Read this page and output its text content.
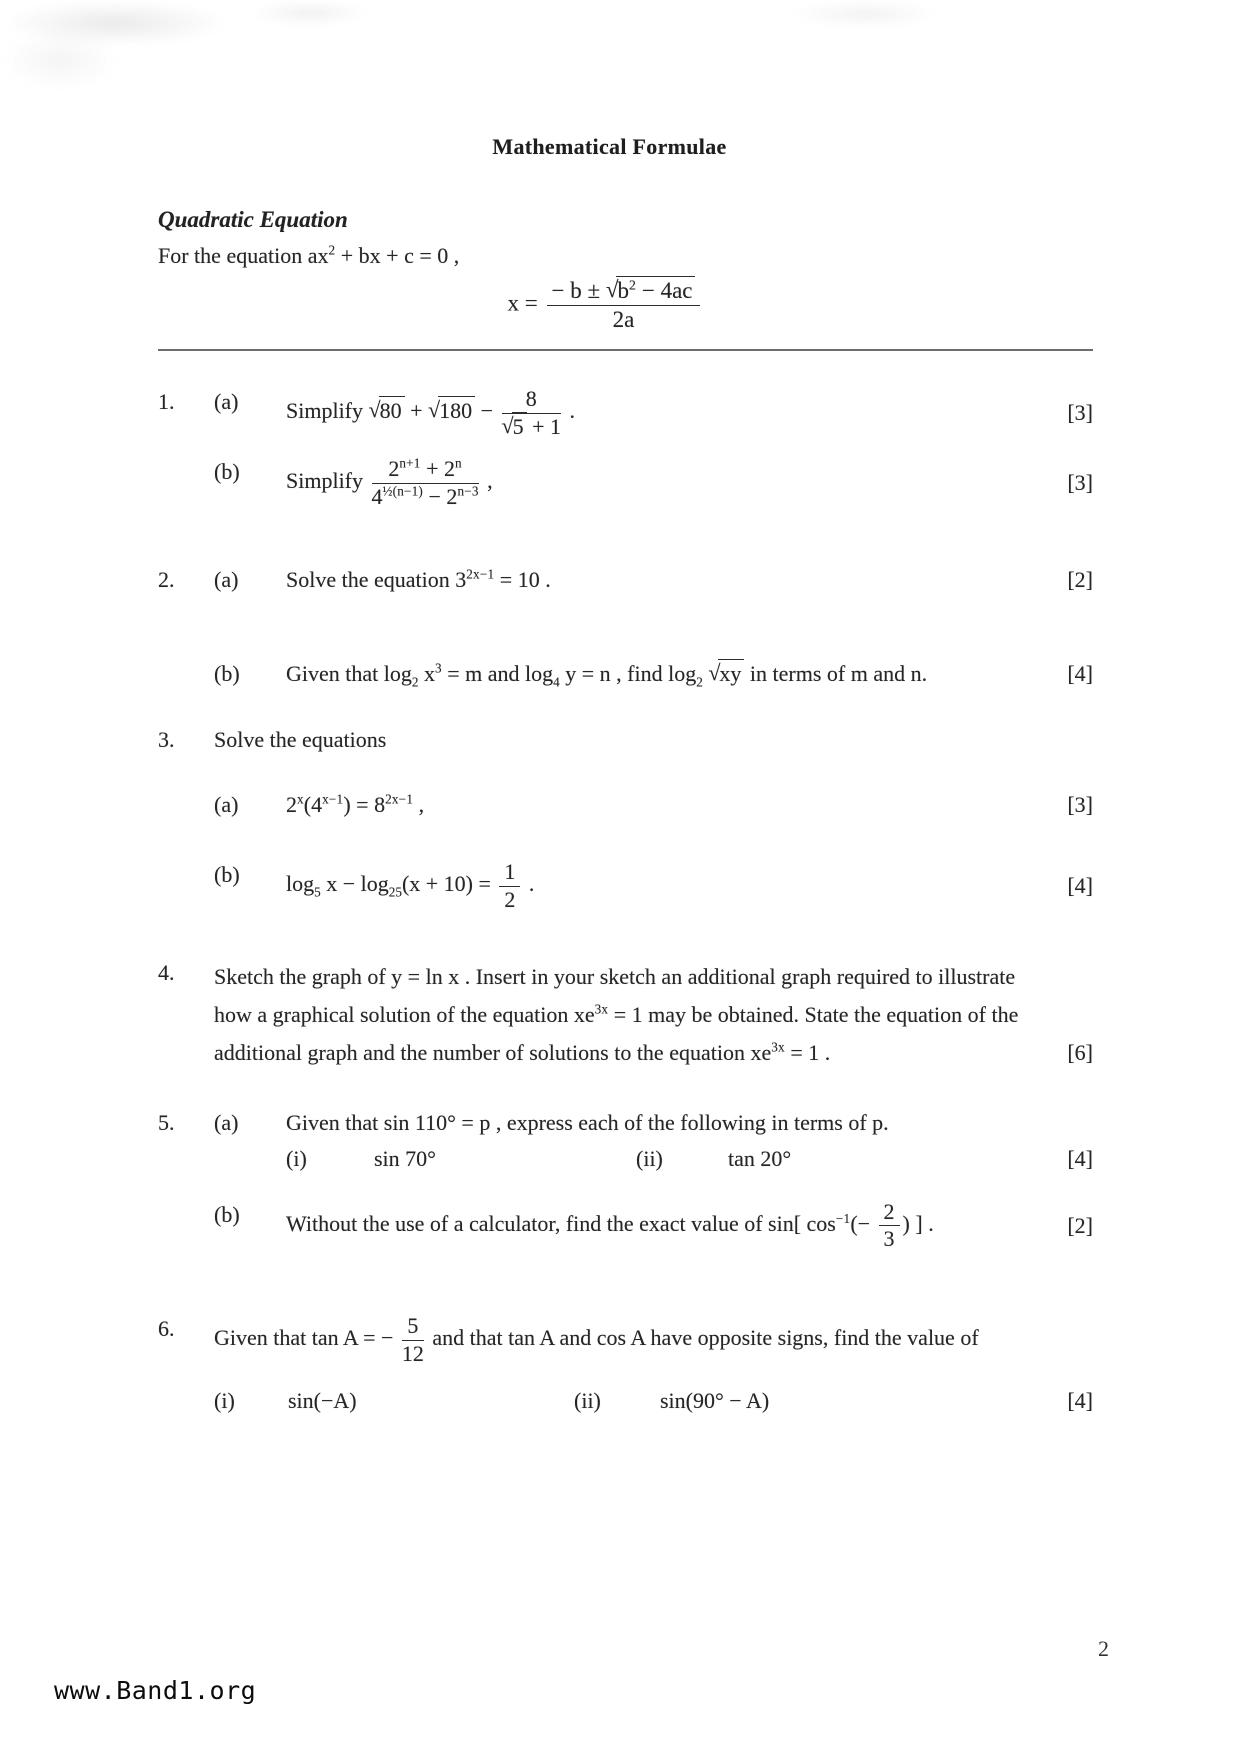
Mathematical Formulae
Quadratic Equation
For the equation $ax^2$ + bx + c = 0 ,
$x = \frac{- b \pm √b^2 - 4ac}{2a}$
1.	(a)	Simplify $√80 + √180 - \frac{8}{√5 + 1}$ .	[3]
(b)	Simplify $\frac{2^{n+1} + 2^n}{4^{\frac{1}{2}(n-1)} - 2^{n-3}}$ ,	[3]
2.	(a)	Solve the equation $3^{2x-1} = 10$ .	[2]
(b)	Given that $\log_2 x^3 = m$ and $\log_4 y = n$ , find $\log_2 √xy$ in terms of m and n.	[4]
3.	Solve the equations
(a)	$2^x(4^{x-1}) = 8^{2x-1}$ ,	[3]
(b)	$\log_5 x - \log_{25}(x + 10) = \frac{1}{2}$ .	[4]
4.	Sketch the graph of y = ln x . Insert in your sketch an additional graph required to illustrate
how a graphical solution of the equation $xe^{3x} = 1$ may be obtained. State the equation of the
additional graph and the number of solutions to the equation $xe^{3x} = 1$ .	[6]
5.	(a)	Given that sin 110° = p , express each of the following in terms of p.
(i)	sin 70°	(ii)	tan 20°	[4]
(b)	Without the use of a calculator, find the exact value of sin[ $\cos^{-1}(- \frac{2}{3}$ ) ] .	[2]
6.	Given that tan A = − $\frac{5}{12}$ and that tan A and cos A have opposite signs, find the value of
(i)	sin(−A)	(ii)	sin(90° − A)	[4]
2
www.Band1.org
